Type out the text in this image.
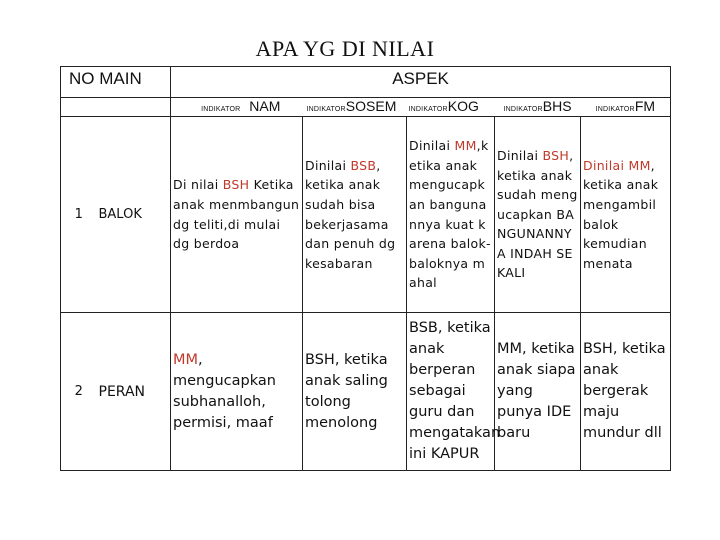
APA YG DI NILAI
NO MAIN		ASPEK				
		INDIKATOR NAM	INDIKATORSOSEM	INDIKATORKOG	INDIKATORBHS	INDIKATORFM
1	BALOK	Di nilai BSH Ketika anak menmbangun dg teliti,di mulai dg berdoa	Dinilai BSB, ketika anak sudah bisa bekerjasama dan penuh dg kesabaran	Dinilai MM,ketika anak mengucapkan bangunannya kuat karena balok-baloknya mahal	Dinilai BSH, ketika anak sudah mengucapkan BANGUNANNYA INDAH SEKALI	Dinilai MM, ketika anak mengambil balok kemudian menata
2	PERAN	MM, mengucapkan subhanalloh, permisi, maaf	BSH, ketika anak saling tolong menolong	BSB, ketika anak berperan sebagai guru dan mengatakan ini KAPUR	MM, ketika anak siapa yang punya IDE baru	BSH, ketika anak bergerak maju mundur dll
